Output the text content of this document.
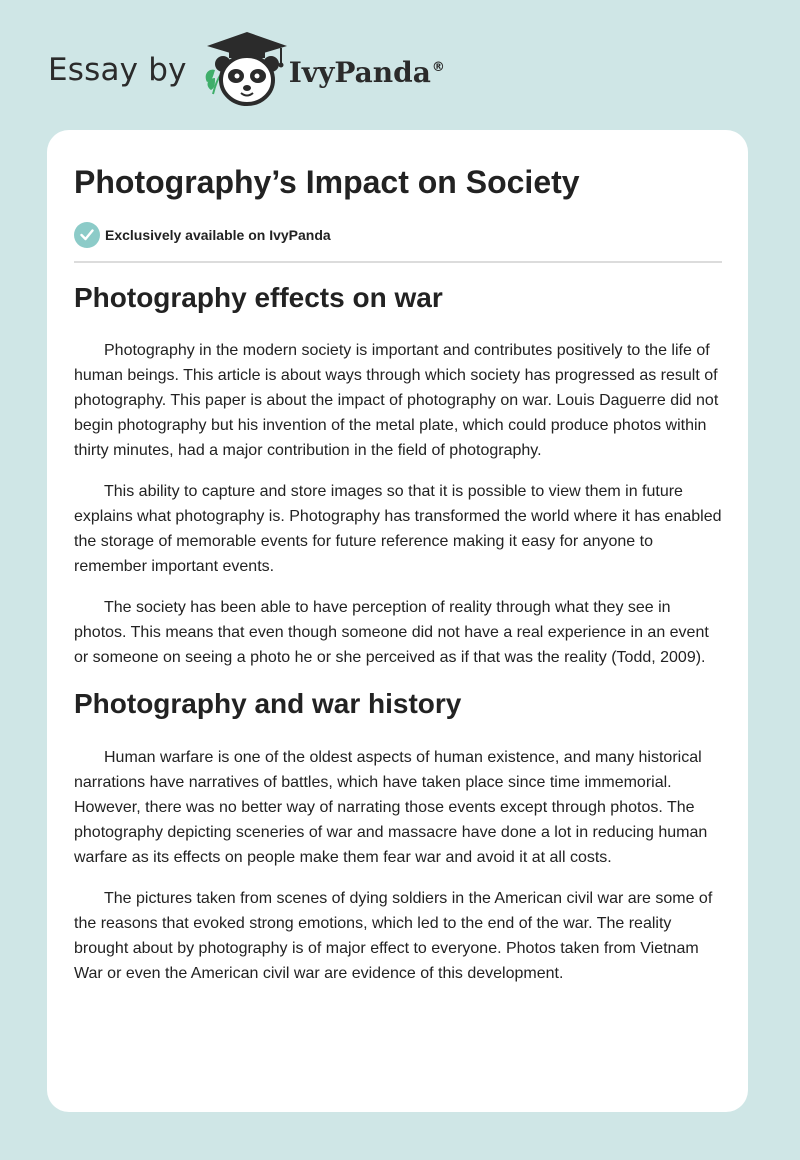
Essay by	IvyPanda®
Photography’s Impact on Society
Exclusively available on IvyPanda
Photography effects on war

Photography in the modern society is important and contributes positively to the life of human beings. This article is about ways through which society has progressed as result of photography. This paper is about the impact of photography on war. Louis Daguerre did not begin photography but his invention of the metal plate, which could produce photos within thirty minutes, had a major contribution in the field of photography.

This ability to capture and store images so that it is possible to view them in future explains what photography is. Photography has transformed the world where it has enabled the storage of memorable events for future reference making it easy for anyone to remember important events.

The society has been able to have perception of reality through what they see in photos. This means that even though someone did not have a real experience in an event or someone on seeing a photo he or she perceived as if that was the reality (Todd, 2009).

Photography and war history

Human warfare is one of the oldest aspects of human existence, and many historical narrations have narratives of battles, which have taken place since time immemorial. However, there was no better way of narrating those events except through photos. The photography depicting sceneries of war and massacre have done a lot in reducing human warfare as its effects on people make them fear war and avoid it at all costs.

The pictures taken from scenes of dying soldiers in the American civil war are some of the reasons that evoked strong emotions, which led to the end of the war. The reality brought about by photography is of major effect to everyone. Photos taken from Vietnam War or even the American civil war are evidence of this development.
